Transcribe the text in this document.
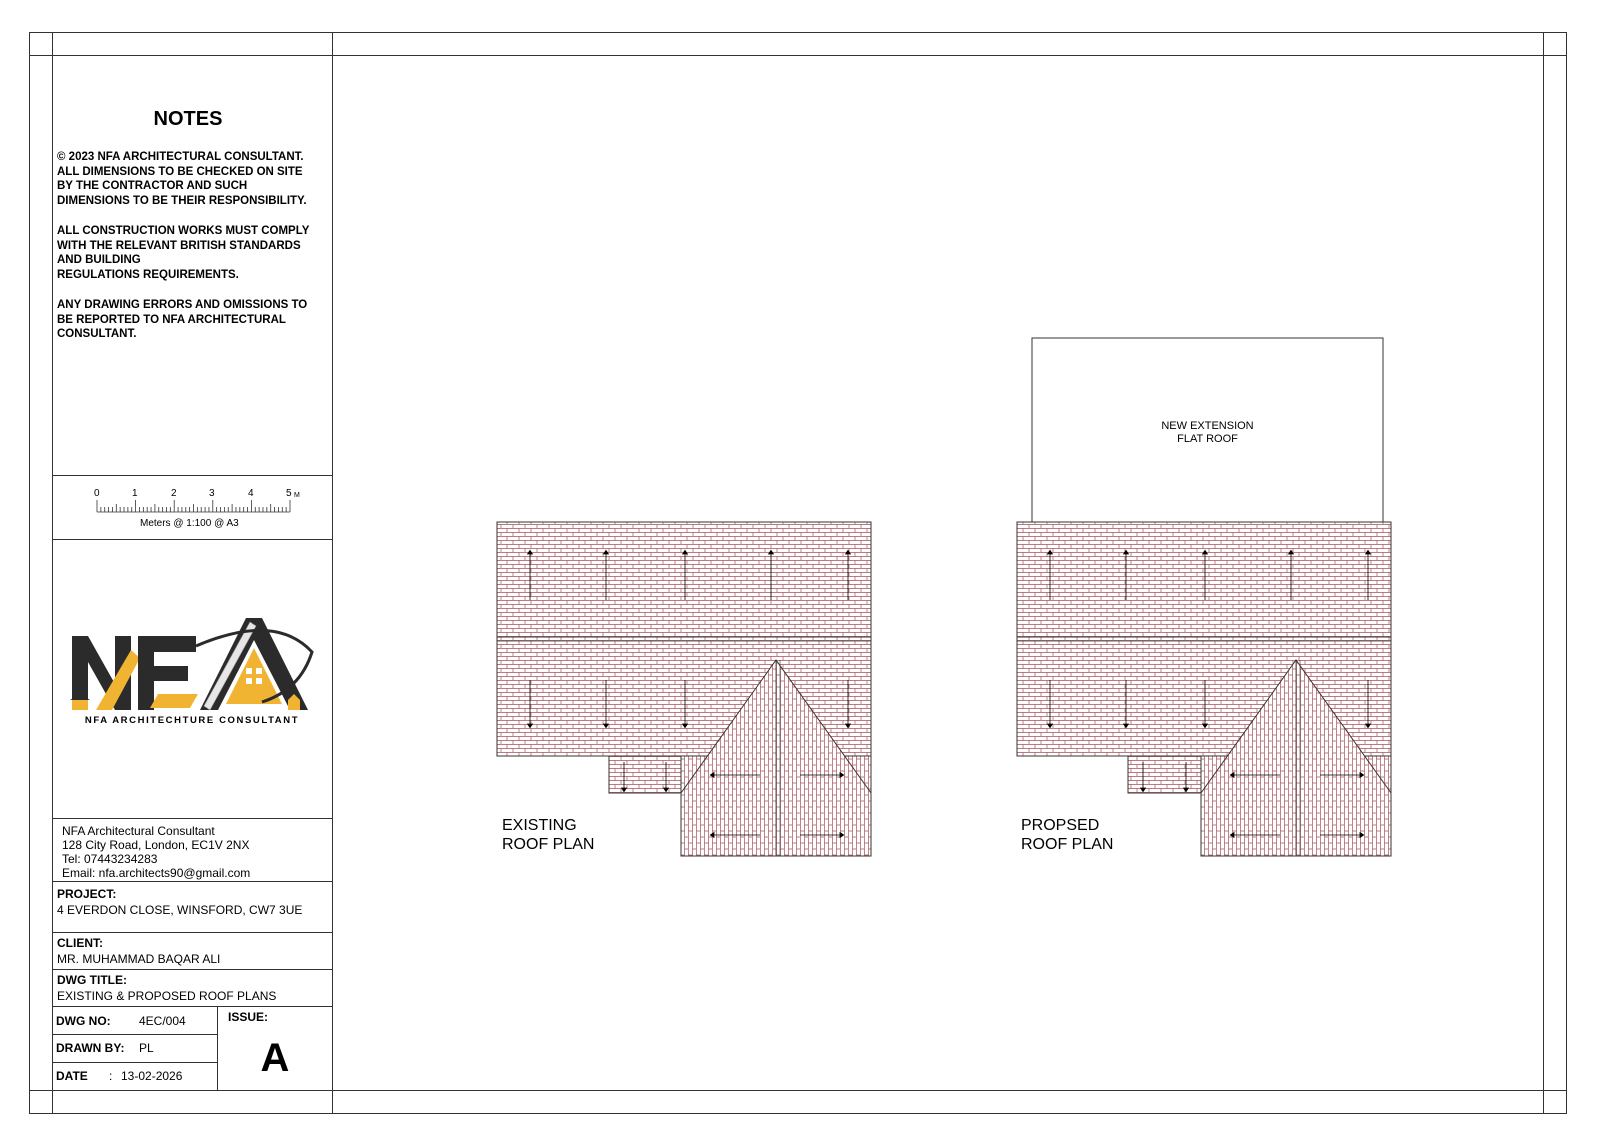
NOTES
© 2023 NFA ARCHITECTURAL CONSULTANT.
ALL DIMENSIONS TO BE CHECKED ON SITE
BY THE CONTRACTOR AND SUCH
DIMENSIONS TO BE THEIR RESPONSIBILITY.
ALL CONSTRUCTION WORKS MUST COMPLY
WITH THE RELEVANT BRITISH STANDARDS
AND BUILDING
REGULATIONS REQUIREMENTS.
ANY DRAWING ERRORS AND OMISSIONS TO
BE REPORTED TO NFA ARCHITECTURAL
CONSULTANT.
0	1	2	3	4	5 M
Meters @ 1:100 @ A3
NFA ARCHITECHTURE CONSULTANT
NFA Architectural Consultant
128 City Road, London, EC1V 2NX
Tel: 07443234283
Email: nfa.architects90@gmail.com
PROJECT:
4 EVERDON CLOSE, WINSFORD, CW7 3UE
CLIENT:
MR. MUHAMMAD BAQAR ALI
DWG TITLE:
EXISTING & PROPOSED ROOF PLANS
DWG NO: 4EC/004
DRAWN BY: PL
DATE : 13-02-2026
ISSUE:
A
EXISTING
ROOF PLAN
PROPSED
ROOF PLAN
NEW EXTENSION
FLAT ROOF
